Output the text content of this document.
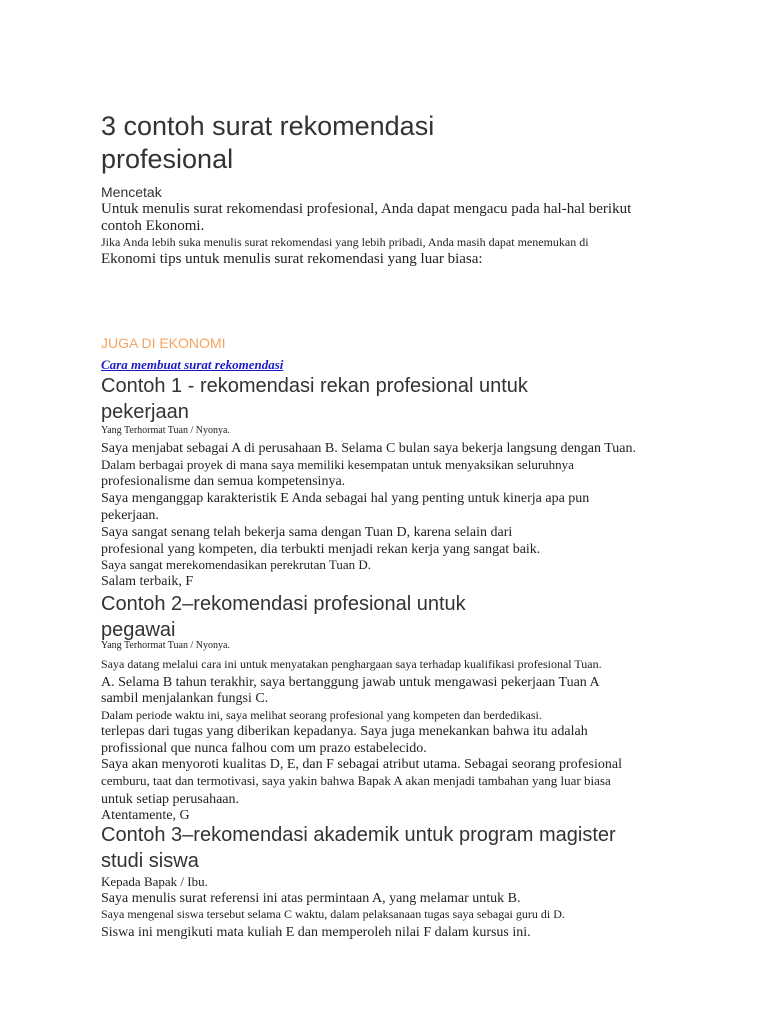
3 contoh surat rekomendasi
profesional
Mencetak
Untuk menulis surat rekomendasi profesional, Anda dapat mengacu pada hal-hal berikut
contoh Ekonomi.
Jika Anda lebih suka menulis surat rekomendasi yang lebih pribadi, Anda masih dapat menemukan di
Ekonomi tips untuk menulis surat rekomendasi yang luar biasa:
JUGA DI EKONOMI
Cara membuat surat rekomendasi
Contoh 1 - rekomendasi rekan profesional untuk
pekerjaan
Yang Terhormat Tuan / Nyonya.
Saya menjabat sebagai A di perusahaan B. Selama C bulan saya bekerja langsung dengan Tuan.
Dalam berbagai proyek di mana saya memiliki kesempatan untuk menyaksikan seluruhnya
profesionalisme dan semua kompetensinya.
Saya menganggap karakteristik E Anda sebagai hal yang penting untuk kinerja apa pun
pekerjaan.
Saya sangat senang telah bekerja sama dengan Tuan D, karena selain dari
profesional yang kompeten, dia terbukti menjadi rekan kerja yang sangat baik.
Saya sangat merekomendasikan perekrutan Tuan D.
Salam terbaik, F
Contoh 2–rekomendasi profesional untuk
pegawai
Yang Terhormat Tuan / Nyonya.
Saya datang melalui cara ini untuk menyatakan penghargaan saya terhadap kualifikasi profesional Tuan.
A. Selama B tahun terakhir, saya bertanggung jawab untuk mengawasi pekerjaan Tuan A
sambil menjalankan fungsi C.
Dalam periode waktu ini, saya melihat seorang profesional yang kompeten dan berdedikasi.
terlepas dari tugas yang diberikan kepadanya. Saya juga menekankan bahwa itu adalah
profissional que nunca falhou com um prazo estabelecido.
Saya akan menyoroti kualitas D, E, dan F sebagai atribut utama. Sebagai seorang profesional
cemburu, taat dan termotivasi, saya yakin bahwa Bapak A akan menjadi tambahan yang luar biasa
untuk setiap perusahaan.
Atentamente, G
Contoh 3–rekomendasi akademik untuk program magister
studi siswa
Kepada Bapak / Ibu.
Saya menulis surat referensi ini atas permintaan A, yang melamar untuk B.
Saya mengenal siswa tersebut selama C waktu, dalam pelaksanaan tugas saya sebagai guru di D.
Siswa ini mengikuti mata kuliah E dan memperoleh nilai F dalam kursus ini.
